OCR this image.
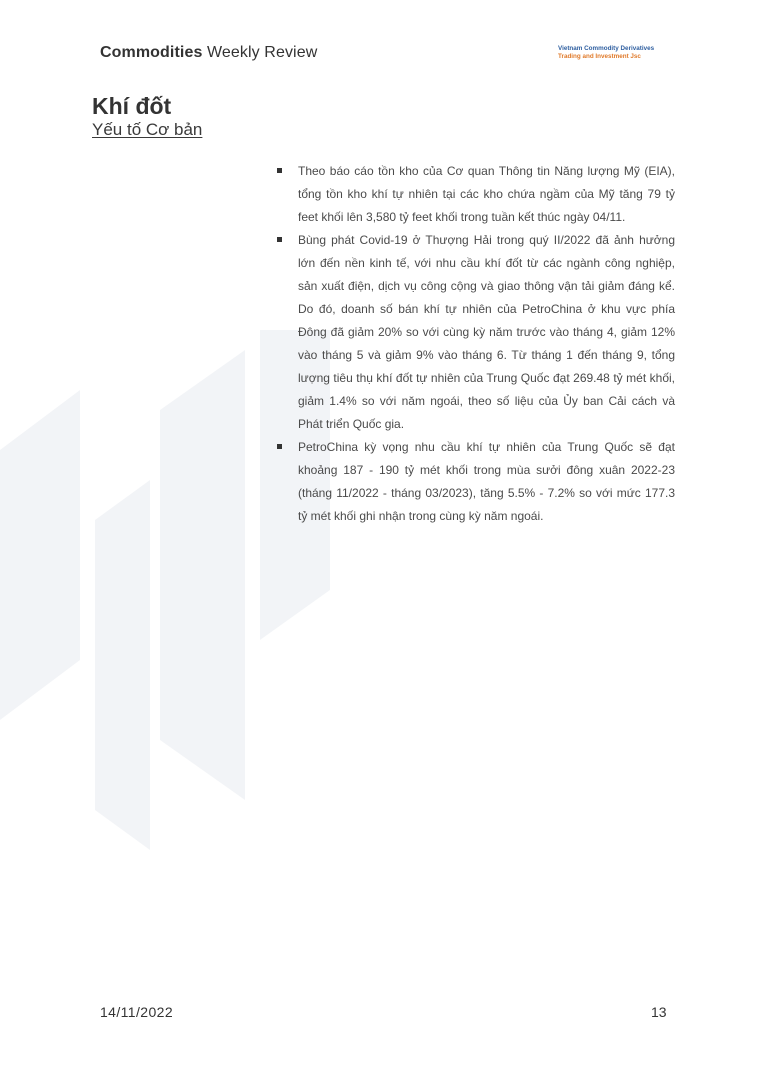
Commodities Weekly Review	Vietnam Commodity Derivatives
Trading and Investment Jsc
Khí đốt
Yếu tố Cơ bản
Theo báo cáo tồn kho của Cơ quan Thông tin Năng lượng Mỹ (EIA), tổng tồn kho khí tự nhiên tại các kho chứa ngầm của Mỹ tăng 79 tỷ feet khối lên 3,580 tỷ feet khối trong tuần kết thúc ngày 04/11.
Bùng phát Covid-19 ở Thượng Hải trong quý II/2022 đã ảnh hưởng lớn đến nền kinh tế, với nhu cầu khí đốt từ các ngành công nghiệp, sản xuất điện, dịch vụ công cộng và giao thông vận tải giảm đáng kể. Do đó, doanh số bán khí tự nhiên của PetroChina ở khu vực phía Đông đã giảm 20% so với cùng kỳ năm trước vào tháng 4, giảm 12% vào tháng 5 và giảm 9% vào tháng 6. Từ tháng 1 đến tháng 9, tổng lượng tiêu thụ khí đốt tự nhiên của Trung Quốc đạt 269.48 tỷ mét khối, giảm 1.4% so với năm ngoái, theo số liệu của Ủy ban Cải cách và Phát triển Quốc gia.
PetroChina kỳ vọng nhu cầu khí tự nhiên của Trung Quốc sẽ đạt khoảng 187 - 190 tỷ mét khối trong mùa sưởi đông xuân 2022-23 (tháng 11/2022 - tháng 03/2023), tăng 5.5% - 7.2% so với mức 177.3 tỷ mét khối ghi nhận trong cùng kỳ năm ngoái.
14/11/2022	13
